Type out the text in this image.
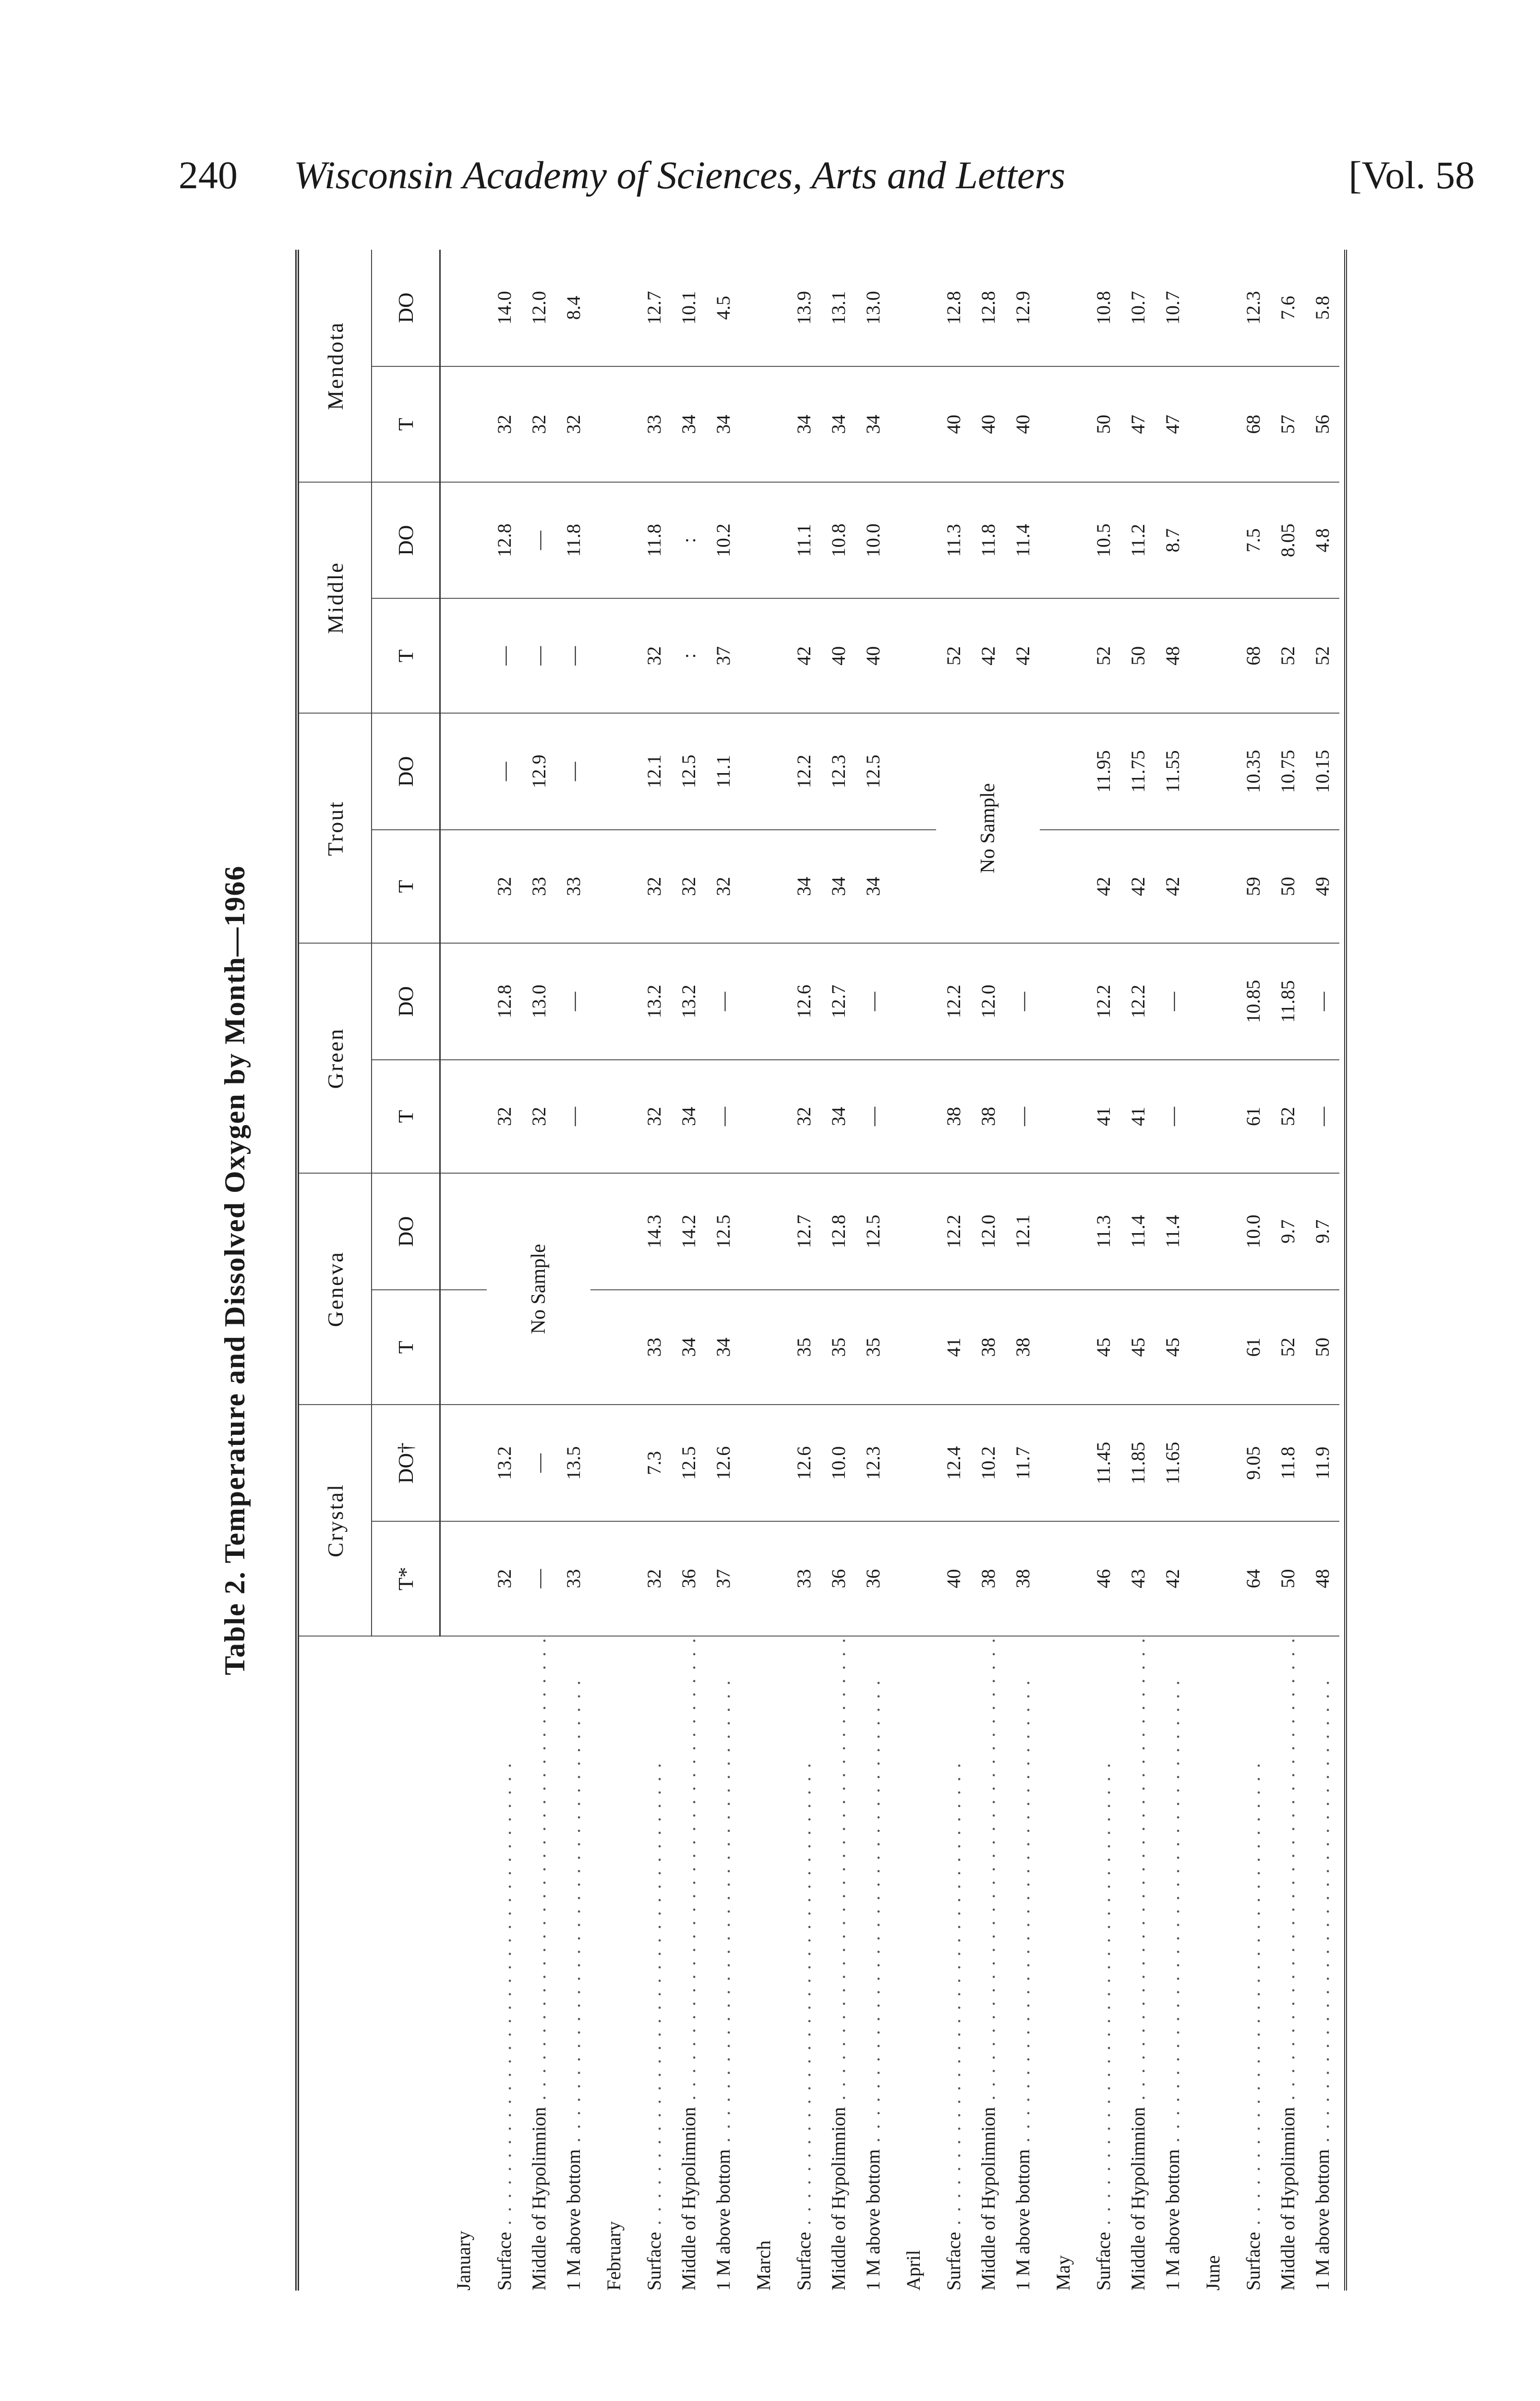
240 Wisconsin Academy of Sciences, Arts and Letters	[Vol. 58
Table 2. Temperature and Dissolved Oxygen by Month—1966
		Crystal		Geneva		Green		Trout		Middle		Mendota	
	T*	DO†	T	DO	T	DO	T	DO	T	DO	T	DO
January												
Surface . . . . . . . . . . . . . . . . . . . . . . . . . . . . . . . . . . .	32	13.2	No Sample		32	12.8	32	—	—	12.8	32	14.0
Middle of Hypolimnion . . . . . . . . . . . . . . . . . . . . . . . . . . . . . . . . . . .	—	—			32	13.0	33	12.9	—	—	32	12.0
1 M above bottom . . . . . . . . . . . . . . . . . . . . . . . . . . . . . . . . . . .	33	13.5			—	—	33	—	—	11.8	32	8.4
February												
Surface . . . . . . . . . . . . . . . . . . . . . . . . . . . . . . . . . . .	32	7.3	33	14.3	32	13.2	32	12.1	32	11.8	33	12.7
Middle of Hypolimnion . . . . . . . . . . . . . . . . . . . . . . . . . . . . . . . . . . .	36	12.5	34	14.2	34	13.2	32	12.5	:	:	34	10.1
1 M above bottom . . . . . . . . . . . . . . . . . . . . . . . . . . . . . . . . . . .	37	12.6	34	12.5	—	—	32	11.1	37	10.2	34	4.5
March												
Surface . . . . . . . . . . . . . . . . . . . . . . . . . . . . . . . . . . .	33	12.6	35	12.7	32	12.6	34	12.2	42	11.1	34	13.9
Middle of Hypolimnion . . . . . . . . . . . . . . . . . . . . . . . . . . . . . . . . . . .	36	10.0	35	12.8	34	12.7	34	12.3	40	10.8	34	13.1
1 M above bottom . . . . . . . . . . . . . . . . . . . . . . . . . . . . . . . . . . .	36	12.3	35	12.5	—	—	34	12.5	40	10.0	34	13.0
April												
Surface . . . . . . . . . . . . . . . . . . . . . . . . . . . . . . . . . . .	40	12.4	41	12.2	38	12.2	No Sample		52	11.3	40	12.8
Middle of Hypolimnion . . . . . . . . . . . . . . . . . . . . . . . . . . . . . . . . . . .	38	10.2	38	12.0	38	12.0			42	11.8	40	12.8
1 M above bottom . . . . . . . . . . . . . . . . . . . . . . . . . . . . . . . . . . .	38	11.7	38	12.1	—	—			42	11.4	40	12.9
May												
Surface . . . . . . . . . . . . . . . . . . . . . . . . . . . . . . . . . . .	46	11.45	45	11.3	41	12.2	42	11.95	52	10.5	50	10.8
Middle of Hypolimnion . . . . . . . . . . . . . . . . . . . . . . . . . . . . . . . . . . .	43	11.85	45	11.4	41	12.2	42	11.75	50	11.2	47	10.7
1 M above bottom . . . . . . . . . . . . . . . . . . . . . . . . . . . . . . . . . . .	42	11.65	45	11.4	—	—	42	11.55	48	8.7	47	10.7
June												
Surface . . . . . . . . . . . . . . . . . . . . . . . . . . . . . . . . . . .	64	9.05	61	10.0	61	10.85	59	10.35	68	7.5	68	12.3
Middle of Hypolimnion . . . . . . . . . . . . . . . . . . . . . . . . . . . . . . . . . . .	50	11.8	52	9.7	52	11.85	50	10.75	52	8.05	57	7.6
1 M above bottom . . . . . . . . . . . . . . . . . . . . . . . . . . . . . . . . . . .	48	11.9	50	9.7	—	—	49	10.15	52	4.8	56	5.8
